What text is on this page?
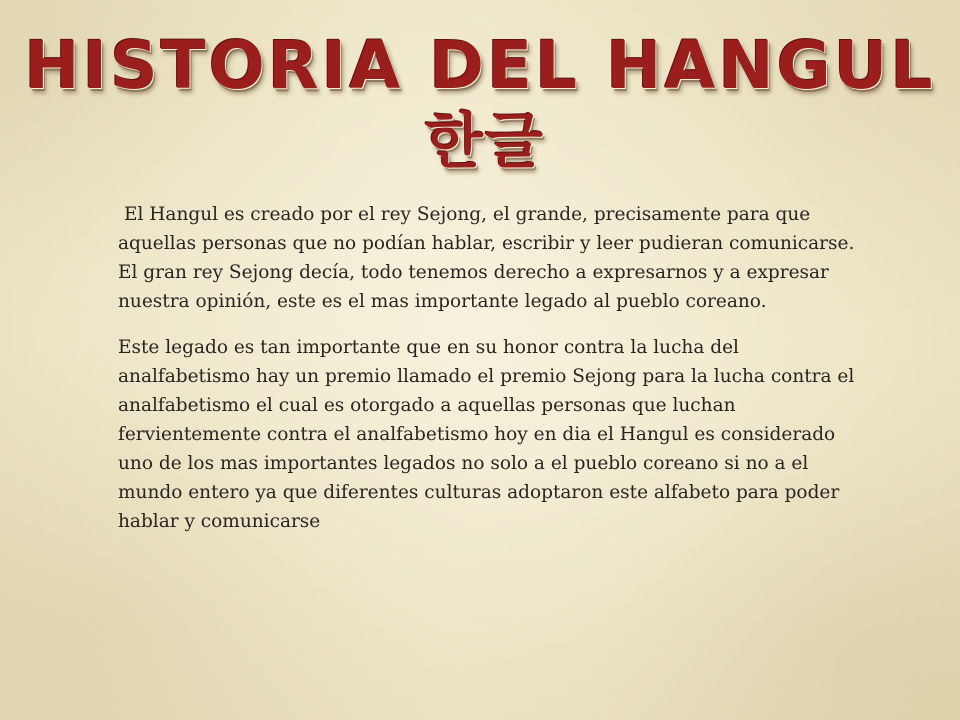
HISTORIA DEL HANGUL
한글

El Hangul es creado por el rey Sejong, el grande, precisamente para que aquellas personas que no podían hablar, escribir y leer pudieran comunicarse. El gran rey Sejong decía, todo tenemos derecho a expresarnos y a expresar nuestra opinión, este es el mas importante legado al pueblo coreano.

Este legado es tan importante que en su honor contra la lucha del analfabetismo hay un premio llamado el premio Sejong para la lucha contra el analfabetismo el cual es otorgado a aquellas personas que luchan fervientemente contra el analfabetismo hoy en dia el Hangul es considerado uno de los mas importantes legados no solo a el pueblo coreano si no a el mundo entero ya que diferentes culturas adoptaron este alfabeto para poder hablar y comunicarse
